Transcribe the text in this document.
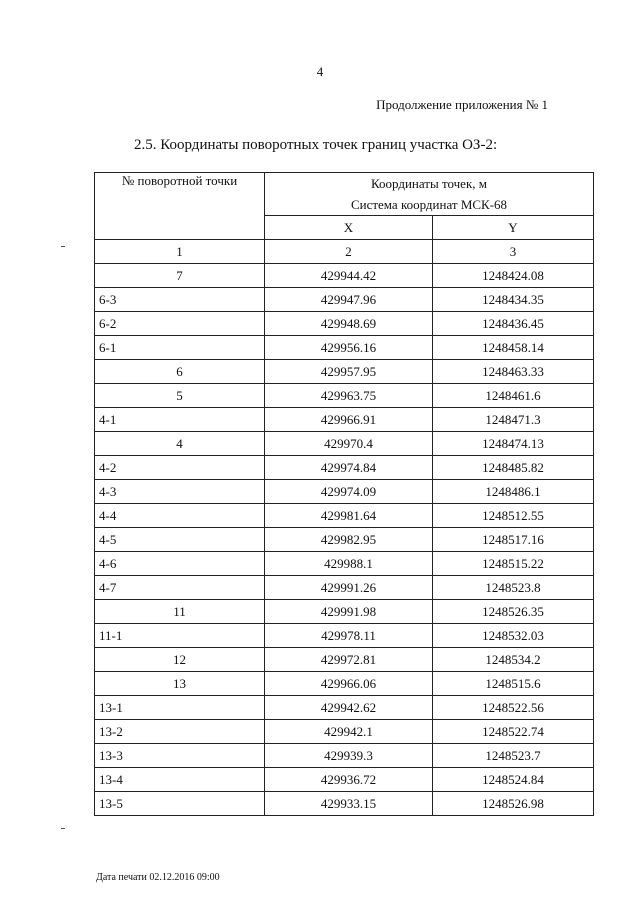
4
Продолжение приложения № 1
2.5. Координаты поворотных точек границ участка ОЗ-2:
№ поворотной точки	Координаты точек, м
Система координат МСК-68	

	X	Y
1	2	3
7	429944.42	1248424.08
6-3	429947.96	1248434.35
6-2	429948.69	1248436.45
6-1	429956.16	1248458.14
6	429957.95	1248463.33
5	429963.75	1248461.6
4-1	429966.91	1248471.3
4	429970.4	1248474.13
4-2	429974.84	1248485.82
4-3	429974.09	1248486.1
4-4	429981.64	1248512.55
4-5	429982.95	1248517.16
4-6	429988.1	1248515.22
4-7	429991.26	1248523.8
11	429991.98	1248526.35
11-1	429978.11	1248532.03
12	429972.81	1248534.2
13	429966.06	1248515.6
13-1	429942.62	1248522.56
13-2	429942.1	1248522.74
13-3	429939.3	1248523.7
13-4	429936.72	1248524.84
13-5	429933.15	1248526.98
Дата печати 02.12.2016 09:00
